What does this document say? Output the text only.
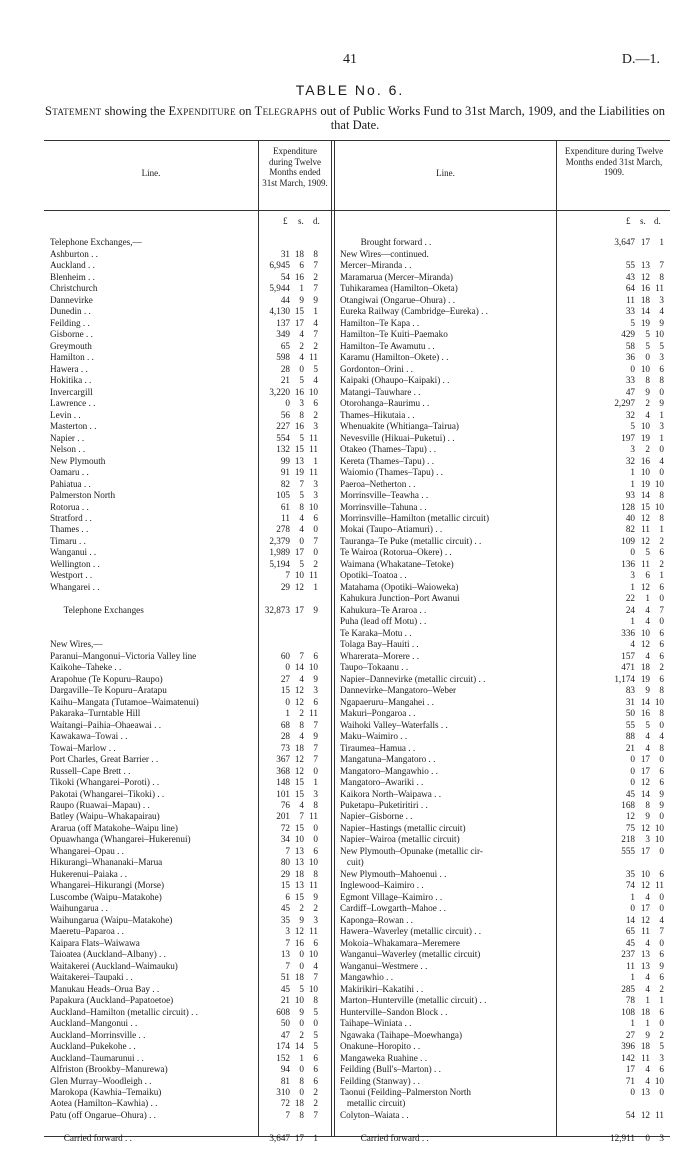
41	D.—1.
TABLE No. 6.
Statement showing the Expenditure on Telegraphs out of Public Works Fund to 31st March, 1909, and the Liabilities on that Date.
Line.
Expenditure during Twelve Months ended 31st March, 1909.
Line.
Expenditure during Twelve Months ended 31st March, 1909.
£ s. d.	£ s. d.
Telephone Exchanges,—
Ashburton . .	31 18 8
Auckland . .	6,945 6 7
Blenheim . .	54 16 2
Christchurch	5,944 1 7
Dannevirke	44 9 9
Dunedin . .	4,130 15 1
Feilding . .	137 17 4
Gisborne . .	349 4 7
Greymouth	65 2 2
Hamilton . .	598 4 11
Hawera . .	28 0 5
Hokitika . .	21 5 4
Invercargill	3,220 16 10
Lawrence . .	0 3 6
Levin . .	56 8 2
Masterton . .	227 16 3
Napier . .	554 5 11
Nelson . .	132 15 11
New Plymouth	99 13 1
Oamaru . .	91 19 11
Pahiatua . .	82 7 3
Palmerston North	105 5 3
Rotorua . .	61 8 10
Stratford . .	11 4 6
Thames . .	278 4 0
Timaru . .	2,379 0 7
Wanganui . .	1,989 17 0
Wellington . .	5,194 5 2
Westport . .	7 10 11
Whangarei . .	29 12 1
Telephone Exchanges	32,873 17 9
New Wires,—
Paranui–Mangonui–Victoria Valley line	60 7 6
Kaikohe–Taheke . .	0 14 10
Arapohue (Te Kopuru–Raupo)	27 4 9
Dargaville–Te Kopuru–Aratapu	15 12 3
Kaihu–Mangata (Tutamoe–Waimatenui)	0 12 6
Pakaraka–Turntable Hill	1 2 11
Waitangi–Paihia–Ohaeawai . .	68 8 7
Kawakawa–Towai . .	28 4 9
Towai–Marlow . .	73 18 7
Port Charles, Great Barrier . .	367 12 7
Russell–Cape Brett . .	368 12 0
Tikoki (Whangarei–Poroti) . .	148 15 1
Pakotai (Whangarei–Tikoki) . .	101 15 3
Raupo (Ruawai–Mapau) . .	76 4 8
Batley (Waipu–Whakapairau)	201 7 11
Ararua (off Matakohe–Waipu line)	72 15 0
Opuawhanga (Whangarei–Hukerenui)	34 10 0
Whangarei–Opau . .	7 13 6
Hikurangi–Whananaki–Marua	80 13 10
Hukerenui–Paiaka . .	29 18 8
Whangarei–Hikurangi (Morse)	15 13 11
Luscombe (Waipu–Matakohe)	6 15 9
Waihungarua . .	45 2 2
Waihungarua (Waipu–Matakohe)	35 9 3
Maeretu–Paparoa . .	3 12 11
Kaipara Flats–Waiwawa	7 16 6
Taioatea (Auckland–Albany) . .	13 0 10
Waitakerei (Auckland–Waimauku)	7 0 4
Waitakerei–Taupaki . .	51 18 7
Manukau Heads–Orua Bay . .	45 5 10
Papakura (Auckland–Papatoetoe)	21 10 8
Auckland–Hamilton (metallic circuit) . .	608 9 5
Auckland–Mangonui . .	50 0 0
Auckland–Morrinsville . .	47 2 5
Auckland–Pukekohe . .	174 14 5
Auckland–Taumarunui . .	152 1 6
Alfriston (Brookby–Manurewa)	94 0 6
Glen Murray–Woodleigh . .	81 8 6
Marokopa (Kawhia–Temaiku)	310 0 2
Aotea (Hamilton–Kawhia) . .	72 18 2
Patu (off Ongarue–Ohura) . .	7 8 7
Carried forward . .	3,647 17 1
Brought forward . .	3,647 17 1
New Wires—continued.
Mercer–Miranda . .	55 13 7
Maramarua (Mercer–Miranda)	43 12 8
Tuhikaramea (Hamilton–Oketa)	64 16 11
Otangiwai (Ongarue–Ohura) . .	11 18 3
Eureka Railway (Cambridge–Eureka) . .	33 14 4
Hamilton–Te Kapa . .	5 19 9
Hamilton–Te Kuiti–Paemako	429 5 10
Hamilton–Te Awamutu . .	58 5 5
Karamu (Hamilton–Okete) . .	36 0 3
Gordonton–Orini . .	0 10 6
Kaipaki (Ohaupo–Kaipaki) . .	33 8 8
Matangi–Tauwhare . .	47 9 0
Otorohanga–Raurimu . .	2,297 2 9
Thames–Hikutaia . .	32 4 1
Whenuakite (Whitianga–Tairua)	5 10 3
Nevesville (Hikuai–Puketui) . .	197 19 1
Otakeo (Thames–Tapu) . .	3 2 0
Kereta (Thames–Tapu) . .	32 16 4
Waiomio (Thames–Tapu) . .	1 10 0
Paeroa–Netherton . .	1 19 10
Morrinsville–Teawha . .	93 14 8
Morrinsville–Tahuna . .	128 15 10
Morrinsville–Hamilton (metallic circuit)	40 12 8
Mokai (Taupo–Atiamuri) . .	82 11 1
Tauranga–Te Puke (metallic circuit) . .	109 12 2
Te Wairoa (Rotorua–Okere) . .	0 5 6
Waimana (Whakatane–Tetoke)	136 11 2
Opotiki–Toatoa . .	3 6 1
Matahama (Opotiki–Waioweka)	1 12 6
Kahukura Junction–Port Awanui	22 1 0
Kahukura–Te Araroa . .	24 4 7
Puha (lead off Motu) . .	1 4 0
Te Karaka–Motu . .	336 10 6
Tolaga Bay–Hauiti . .	4 12 6
Wharerata–Morere . .	157 4 6
Taupo–Tokaanu . .	471 18 2
Napier–Dannevirke (metallic circuit) . .	1,174 19 6
Dannevirke–Mangatoro–Weber	83 9 8
Ngapaeruru–Mangahei . .	31 14 10
Makuri–Pongaroa . .	50 16 8
Waihoki Valley–Waterfalls . .	55 5 0
Maku–Waimiro . .	88 4 4
Tiraumea–Hamua . .	21 4 8
Mangatuna–Mangatoro . .	0 17 0
Mangatoro–Mangawhio . .	0 17 6
Mangatoro–Awariki . .	0 12 6
Kaikora North–Waipawa . .	45 14 9
Puketapu–Puketiritiri . .	168 8 9
Napier–Gisborne . .	12 9 0
Napier–Hastings (metallic circuit)	75 12 10
Napier–Wairoa (metallic circuit)	218 3 10
New Plymouth–Opunake (metallic cir-	555 17 0
cuit)
New Plymouth–Mahoenui . .	35 10 6
Inglewood–Kaimiro . .	74 12 11
Egmont Village–Kaimiro . .	1 4 0
Cardiff–Lowgarth–Mahoe . .	0 17 0
Kaponga–Rowan . .	14 12 4
Hawera–Waverley (metallic circuit) . .	65 11 7
Mokoia–Whakamara–Meremere	45 4 0
Wanganui–Waverley (metallic circuit)	237 13 6
Wanganui–Westmere . .	11 13 9
Mangawhio . .	1 4 6
Makirikiri–Kakatihi . .	285 4 2
Marton–Hunterville (metallic circuit) . .	78 1 1
Hunterville–Sandon Block . .	108 18 6
Taihape–Winiata . .	1 1 0
Ngawaka (Taihape–Moewhanga)	27 9 2
Onakune–Horopito . .	396 18 5
Mangaweka Ruahine . .	142 11 3
Feilding (Bull's–Marton) . .	17 4 6
Feilding (Stanway) . .	71 4 10
Taonui (Feilding–Palmerston North	0 13 0
metallic circuit)
Colyton–Waiata . .	54 12 11
Carried forward . .	12,911 0 3
